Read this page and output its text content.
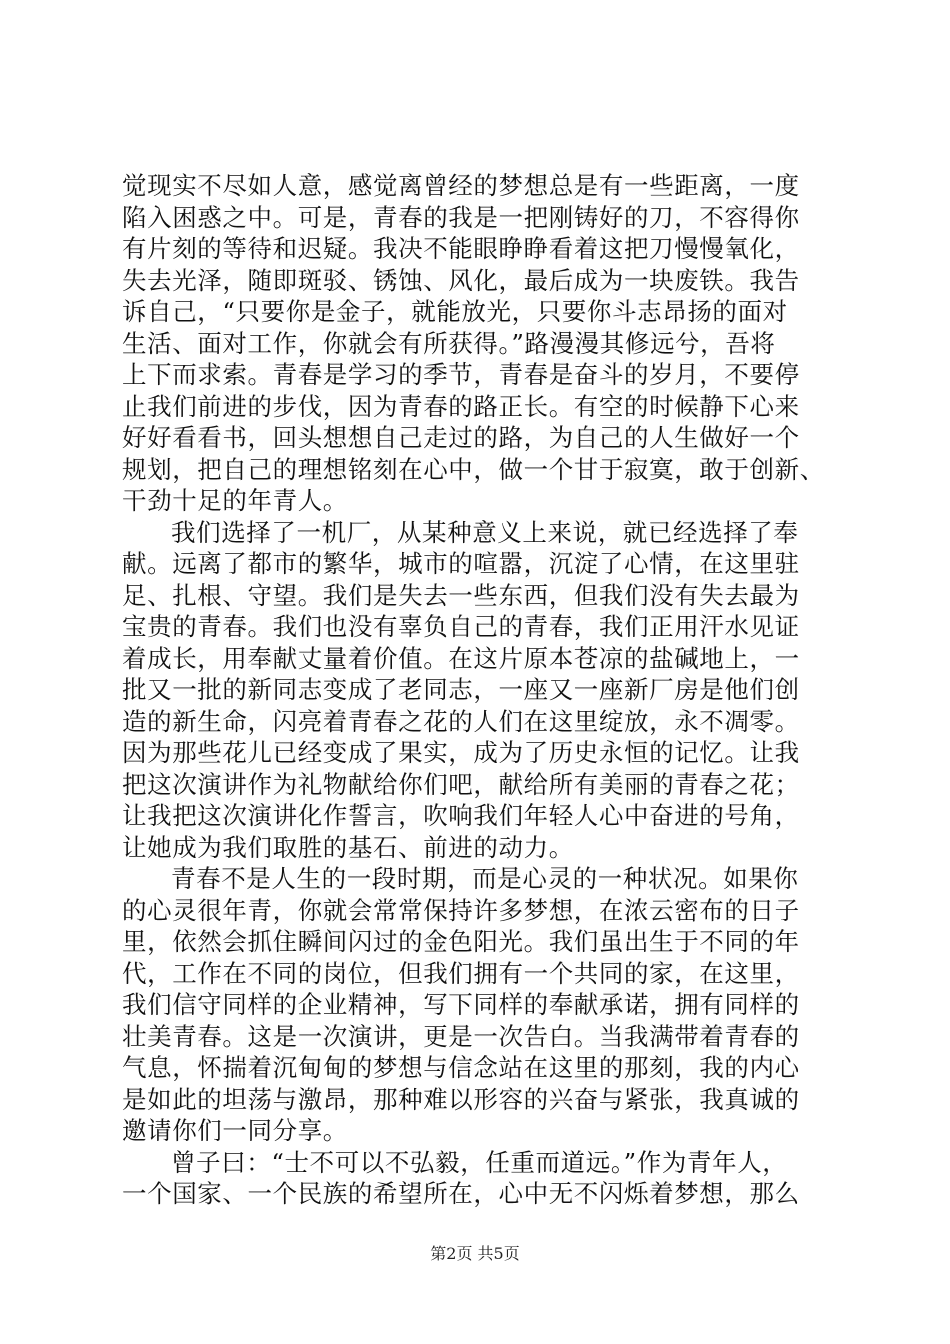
觉现实不尽如人意，感觉离曾经的梦想总是有一些距离，一度
陷入困惑之中。可是，青春的我是一把刚铸好的刀，不容得你
有片刻的等待和迟疑。我决不能眼睁睁看着这把刀慢慢氧化，
失去光泽，随即斑驳、锈蚀、风化，最后成为一块废铁。我告
诉自己，“只要你是金子，就能放光，只要你斗志昂扬的面对
生活、面对工作，你就会有所获得。”路漫漫其修远兮，吾将
上下而求索。青春是学习的季节，青春是奋斗的岁月，不要停
止我们前进的步伐，因为青春的路正长。有空的时候静下心来
好好看看书，回头想想自己走过的路，为自己的人生做好一个
规划，把自己的理想铭刻在心中，做一个甘于寂寞，敢于创新、
干劲十足的年青人。
我们选择了一机厂，从某种意义上来说，就已经选择了奉
献。远离了都市的繁华，城市的喧嚣，沉淀了心情，在这里驻
足、扎根、守望。我们是失去一些东西，但我们没有失去最为
宝贵的青春。我们也没有辜负自己的青春，我们正用汗水见证
着成长，用奉献丈量着价值。在这片原本苍凉的盐碱地上，一
批又一批的新同志变成了老同志，一座又一座新厂房是他们创
造的新生命，闪亮着青春之花的人们在这里绽放，永不凋零。
因为那些花儿已经变成了果实，成为了历史永恒的记忆。让我
把这次演讲作为礼物献给你们吧，献给所有美丽的青春之花；
让我把这次演讲化作誓言，吹响我们年轻人心中奋进的号角，
让她成为我们取胜的基石、前进的动力。
青春不是人生的一段时期，而是心灵的一种状况。如果你
的心灵很年青，你就会常常保持许多梦想，在浓云密布的日子
里，依然会抓住瞬间闪过的金色阳光。我们虽出生于不同的年
代，工作在不同的岗位，但我们拥有一个共同的家，在这里，
我们信守同样的企业精神，写下同样的奉献承诺，拥有同样的
壮美青春。这是一次演讲，更是一次告白。当我满带着青春的
气息，怀揣着沉甸甸的梦想与信念站在这里的那刻，我的内心
是如此的坦荡与激昂，那种难以形容的兴奋与紧张，我真诚的
邀请你们一同分享。
曾子曰：“士不可以不弘毅，任重而道远。”作为青年人，
一个国家、一个民族的希望所在，心中无不闪烁着梦想，那么
第2页 共5页
